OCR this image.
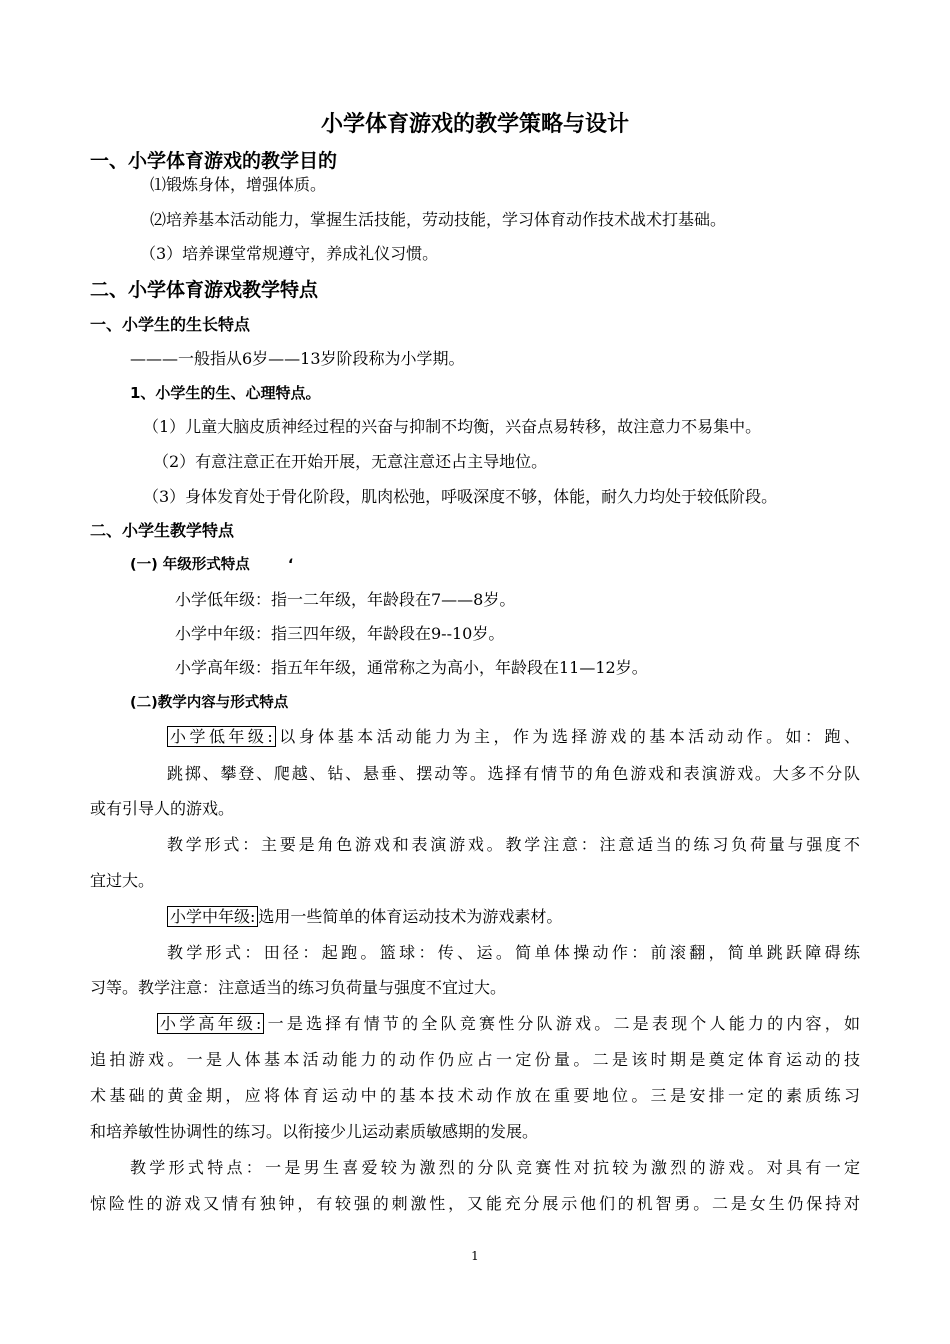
小学体育游戏的教学策略与设计
一、小学体育游戏的教学目的
⑴锻炼身体，增强体质。
⑵培养基本活动能力，掌握生活技能，劳动技能，学习体育动作技术战术打基础。
（3）培养课堂常规遵守，养成礼仪习惯。
二、小学体育游戏教学特点
一、小学生的生长特点
———一般指从6岁——13岁阶段称为小学期。
1、小学生的生、心理特点。
（1）儿童大脑皮质神经过程的兴奋与抑制不均衡，兴奋点易转移，故注意力不易集中。
（2）有意注意正在开始开展，无意注意还占主导地位。
（3）身体发育处于骨化阶段，肌肉松弛，呼吸深度不够，体能，耐久力均处于较低阶段。
二、小学生教学特点
(一) 年级形式特点	‘
小学低年级：指一二年级，年龄段在7——8岁。
小学中年级：指三四年级，年龄段在9--10岁。
小学高年级：指五年年级，通常称之为高小，年龄段在11—12岁。
(二)教学内容与形式特点
小学低年级: 以身体基本活动能力为主，作为选择游戏的基本活动动作。如：跑、
跳掷、攀登、爬越、钻、悬垂、摆动等。选择有情节的角色游戏和表演游戏。大多不分队
或有引导人的游戏。
教学形式：主要是角色游戏和表演游戏。教学注意：注意适当的练习负荷量与强度不
宜过大。
小学中年级: 选用一些简单的体育运动技术为游戏素材。
教学形式：田径：起跑。篮球：传、运。简单体操动作：前滚翻，简单跳跃障碍练
习等。教学注意：注意适当的练习负荷量与强度不宜过大。
小学高年级: 一是选择有情节的全队竞赛性分队游戏。二是表现个人能力的内容，如
追拍游戏。一是人体基本活动能力的动作仍应占一定份量。二是该时期是奠定体育运动的技
术基础的黄金期，应将体育运动中的基本技术动作放在重要地位。三是安排一定的素质练习
和培养敏性协调性的练习。以衔接少儿运动素质敏感期的发展。
教学形式特点：一是男生喜爱较为激烈的分队竞赛性对抗较为激烈的游戏。对具有一定
惊险性的游戏又情有独钟，有较强的刺激性，又能充分展示他们的机智勇。二是女生仍保持对
1
